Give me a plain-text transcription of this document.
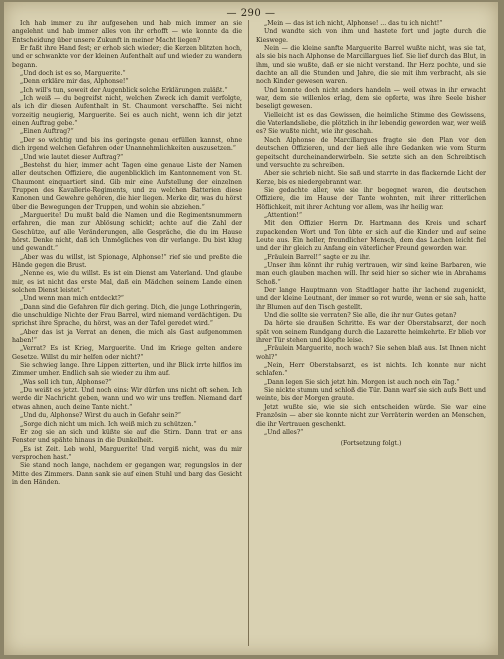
— 290 —

Ich hab immer zu ihr aufgesehen und hab mich immer an sie angelehnt und hab immer alles von ihr erhofft — wie konnte da die Entscheidung über unsere Zukunft in meiner Macht liegen?

Er faßt ihre Hand fest; er erhob sich wieder; die Kerzen blitzten hoch, und er schwankte vor der kleinen Aufenthalt auf und wieder zu wandern begann.

„Und doch ist es so, Marguerite.“

„Denn erkläre mir das, Alphonse!“

„Ich will's tun, soweit der Augenblick solche Erklärungen zuläßt.“

„Ich weiß — du begreifst nicht, welchen Zweck ich damit verfolgte, als ich dir diesen Aufenthalt in St. Chaumont verschaffte. Sei nicht vorzeitig neugierig, Marguerite. Sei es auch nicht, wenn ich dir jetzt einen Auftrag gebe.“

„Einen Auftrag?“

„Der so wichtig und bis ins geringste genau erfüllen kannst, ohne dich irgend welchen Gefahren oder Unannehmlichkeiten auszusetzen.“

„Und wie lautet dieser Auftrag?“

„Bestehst du hier, immer acht Tagen eine genaue Liste der Namen aller deutschen Offiziere, die augenblicklich im Kantonnement von St. Chaumont einquartiert sind. Gib mir eine Aufstellung der einzelnen Truppen des Kavallerie-Regiments, und zu welchen Batterien diese Kanonen und Gewehre gehören, die hier liegen. Merke dir, was du hörst über die Bewegungen der Truppen, und wohin sie abziehen.“

„Marguerite! Du mußt bald die Namen und die Regimentsnummern erfahren, die man zur Ablösung schickt; achte auf die Zahl der Geschütze, auf alle Veränderungen, alle Gespräche, die du im Hause hörst. Denke nicht, daß ich Unmögliches von dir verlange. Du bist klug und gewandt.“

„Aber was du willst, ist Spionage, Alphonse!“ rief sie und preßte die Hände gegen die Brust.

„Nenne es, wie du willst. Es ist ein Dienst am Vaterland. Und glaube mir, es ist nicht das erste Mal, daß ein Mädchen seinem Lande einen solchen Dienst leistet.“

„Und wenn man mich entdeckt?“

„Dann sind die Gefahren für dich gering. Dich, die junge Lothringerin, die unschuldige Nichte der Frau Barrel, wird niemand verdächtigen. Du sprichst ihre Sprache, du hörst, was an der Tafel geredet wird.“

„Aber das ist ja Verrat an denen, die mich als Gast aufgenommen haben!“

„Verrat? Es ist Krieg, Marguerite. Und im Kriege gelten andere Gesetze. Willst du mir helfen oder nicht?“

Sie schwieg lange. Ihre Lippen zitterten, und ihr Blick irrte hilflos im Zimmer umher. Endlich sah sie wieder zu ihm auf.

„Was soll ich tun, Alphonse?“

„Du weißt es jetzt. Und noch eins: Wir dürfen uns nicht oft sehen. Ich werde dir Nachricht geben, wann und wo wir uns treffen. Niemand darf etwas ahnen, auch deine Tante nicht.“

„Und du, Alphonse? Wirst du auch in Gefahr sein?“

„Sorge dich nicht um mich. Ich weiß mich zu schützen.“

Er zog sie an sich und küßte sie auf die Stirn. Dann trat er ans Fenster und spähte hinaus in die Dunkelheit.

„Es ist Zeit. Leb wohl, Marguerite! Und vergiß nicht, was du mir versprochen hast.“

Sie stand noch lange, nachdem er gegangen war, regungslos in der Mitte des Zimmers. Dann sank sie auf einen Stuhl und barg das Gesicht in den Händen.

„Mein — das ist ich nicht, Alphonse! ... das tu ich nicht!“

Und wandte sich von ihm und hastete fort und jagte durch die Kieswege.

Nein — die kleine sanfte Marguerite Barrel wußte nicht, was sie tat, als sie bis nach Alphonse de Marcillargues lief. Sie lief durch das Blut, in ihm, und sie wußte, daß er sie nicht verstand. Ihr Herz pochte, und sie dachte an all die Stunden und Jahre, die sie mit ihm verbracht, als sie noch Kinder gewesen waren.

Und konnte doch nicht anders handeln — weil etwas in ihr erwacht war, dem sie willenlos erlag, dem sie opferte, was ihre Seele bisher beseligt gewesen.

Vielleicht ist es das Gewissen, die heimliche Stimme des Gewissens, die Vaterlandsliebe, die plötzlich in ihr lebendig geworden war, wer weiß es? Sie wußte nicht, wie ihr geschah.

Nach Alphonse de Marcillargues fragte sie den Plan vor den deutschen Offizieren, und der ließ alle ihre Gedanken wie vom Sturm gepeitscht durcheinanderwirbeln. Sie setzte sich an den Schreibtisch und versuchte zu schreiben.

Aber sie schrieb nicht. Sie saß und starrte in das flackernde Licht der Kerze, bis es niedergebrannt war.

Sie gedachte aller, wie sie ihr begegnet waren, die deutschen Offiziere, die im Hause der Tante wohnten, mit ihrer ritterlichen Höflichkeit, mit ihrer Achtung vor allem, was ihr heilig war.

„Attention!“

Mit den Offizier Herrn Dr. Hartmann des Kreis und scharf zupackenden Wort und Ton übte er sich auf die Kinder und auf seine Leute aus. Ein heller, freundlicher Mensch, dem das Lachen leicht fiel und der ihr gleich zu Anfang ein väterlicher Freund geworden war.

„Fräulein Barrel!“ sagte er zu ihr.

„Unser ihm könnt ihr ruhig vertrauen, wir sind keine Barbaren, wie man euch glauben machen will. Ihr seid hier so sicher wie in Abrahams Schoß.“

Der lange Hauptmann von Stadtlager hatte ihr lachend zugenickt, und der kleine Leutnant, der immer so rot wurde, wenn er sie sah, hatte ihr Blumen auf den Tisch gestellt.

Und die sollte sie verraten? Sie alle, die ihr nur Gutes getan?

Da hörte sie draußen Schritte. Es war der Oberstabsarzt, der noch spät von seinem Rundgang durch die Lazarette heimkehrte. Er blieb vor ihrer Tür stehen und klopfte leise.

„Fräulein Marguerite, noch wach? Sie sehen blaß aus. Ist Ihnen nicht wohl?“

„Nein, Herr Oberstabsarzt, es ist nichts. Ich konnte nur nicht schlafen.“

„Dann legen Sie sich jetzt hin. Morgen ist auch noch ein Tag.“

Sie nickte stumm und schloß die Tür. Dann warf sie sich aufs Bett und weinte, bis der Morgen graute.

Jetzt wußte sie, wie sie sich entscheiden würde. Sie war eine Französin — aber sie konnte nicht zur Verräterin werden an Menschen, die ihr Vertrauen geschenkt.

„Und alles?“

(Fortsetzung folgt.)
